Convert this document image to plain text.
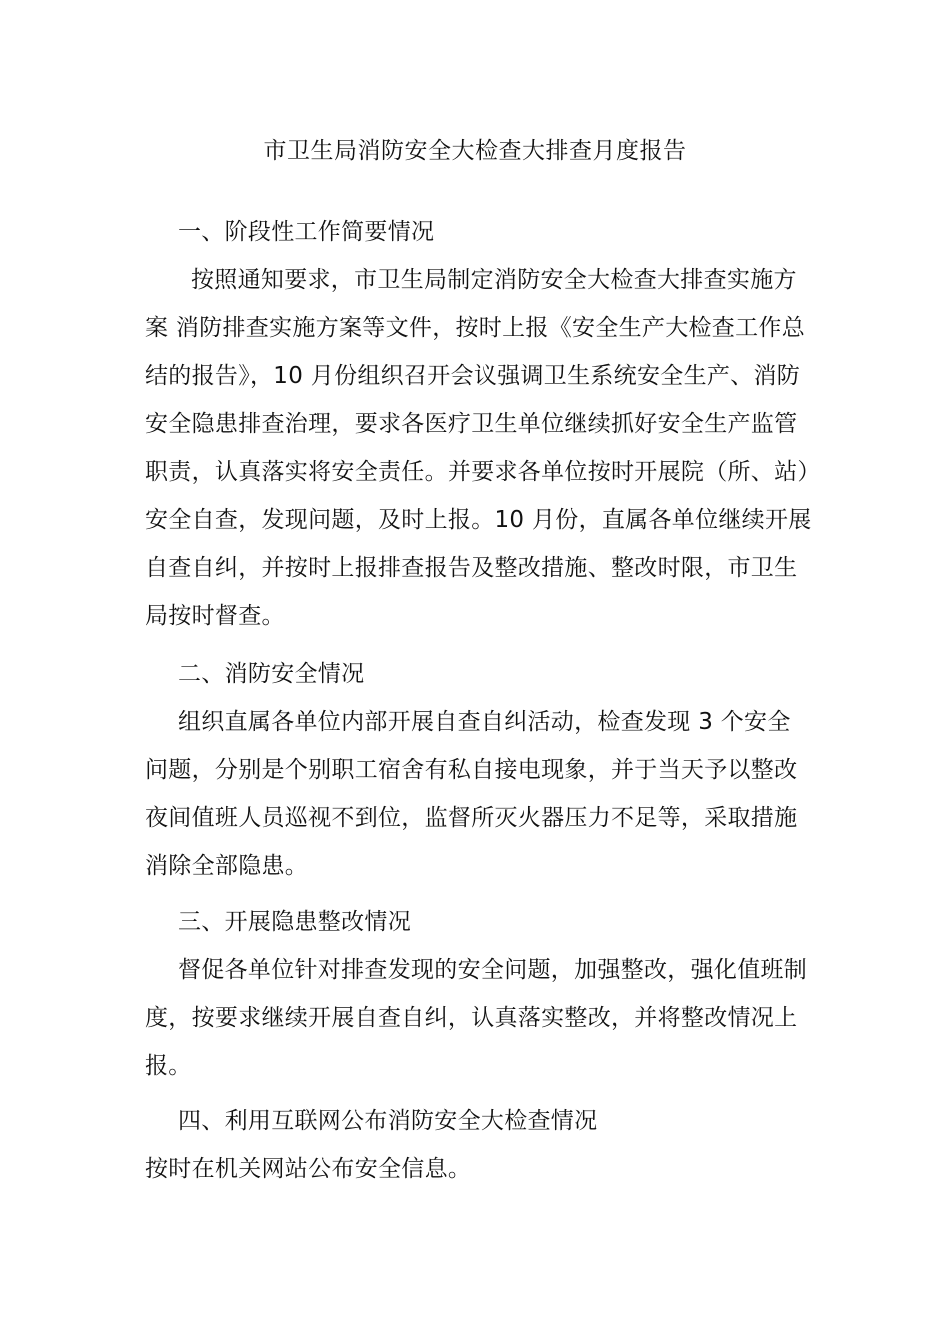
市卫生局消防安全大检查大排查月度报告
一、阶段性工作简要情况
按照通知要求，市卫生局制定消防安全大检查大排查实施方
案 消防排查实施方案等文件，按时上报《安全生产大检查工作总
结的报告》，10 月份组织召开会议强调卫生系统安全生产、消防
安全隐患排查治理，要求各医疗卫生单位继续抓好安全生产监管
职责，认真落实将安全责任。并要求各单位按时开展院（所、站）
安全自查，发现问题，及时上报。10 月份，直属各单位继续开展
自查自纠，并按时上报排查报告及整改措施、整改时限，市卫生
局按时督查。
二、消防安全情况
组织直属各单位内部开展自查自纠活动，检查发现 3 个安全
问题，分别是个别职工宿舍有私自接电现象，并于当天予以整改
夜间值班人员巡视不到位，监督所灭火器压力不足等，采取措施
消除全部隐患。
三、开展隐患整改情况
督促各单位针对排查发现的安全问题，加强整改，强化值班制
度，按要求继续开展自查自纠，认真落实整改，并将整改情况上
报。
四、利用互联网公布消防安全大检查情况
按时在机关网站公布安全信息。
